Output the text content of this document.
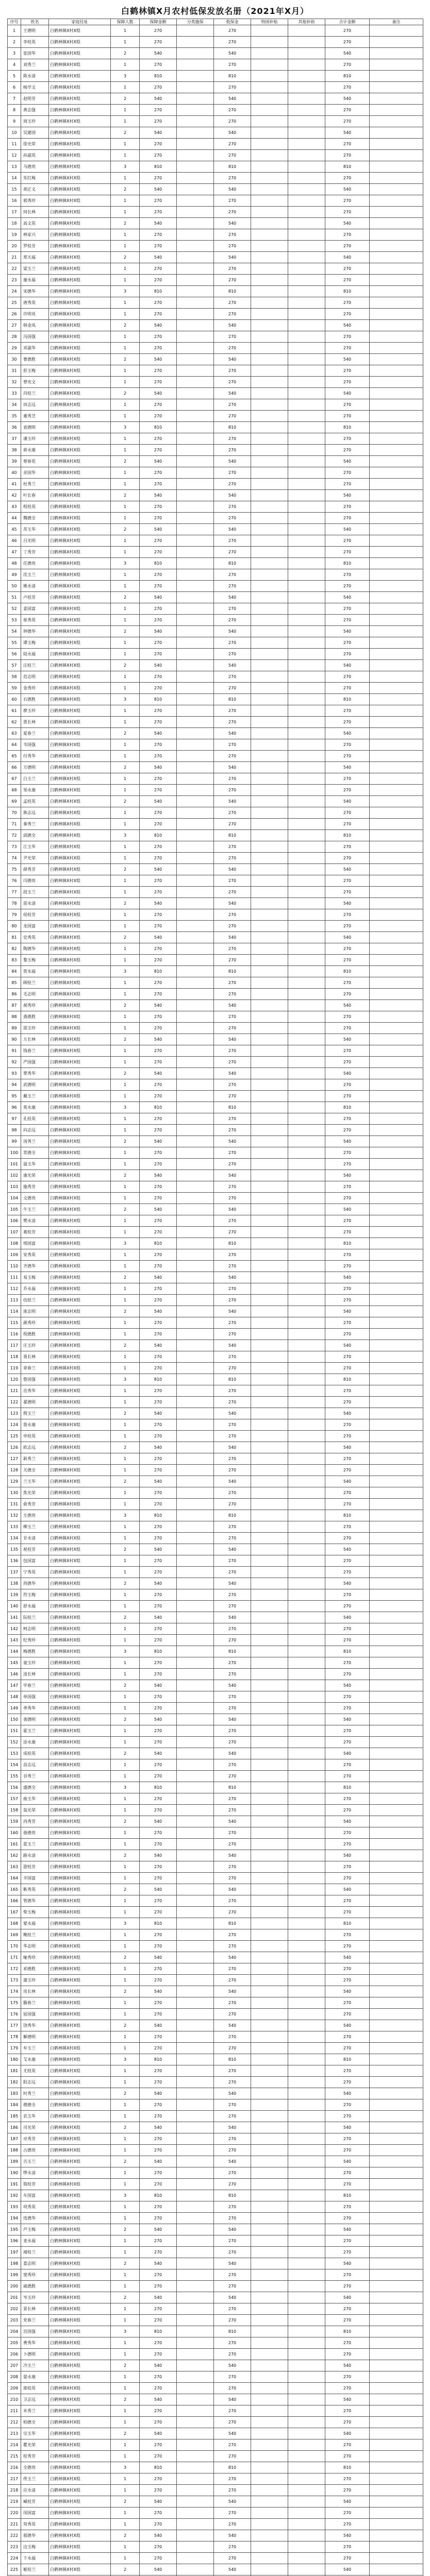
白鹤林镇X月农村低保发放名册（2021年X月）
序号	姓名	家庭住址	保障人数	保障金额	分类施保	低保金	特困补贴	其他补助	合计金额	备注
1	王德明	白鹤林镇X村X组	1	270		270			270	
2	李桂英	白鹤林镇X村X组	1	270		270			270	
3	张国华	白鹤林镇X村X组	2	540		540			540	
4	刘秀兰	白鹤林镇X村X组	1	270		270			270	
5	陈永清	白鹤林镇X村X组	3	810		810			810	
6	杨学文	白鹤林镇X村X组	1	270		270			270	
7	赵明芳	白鹤林镇X村X组	2	540		540			540	
8	黄志强	白鹤林镇X村X组	1	270		270			270	
9	周玉珍	白鹤林镇X村X组	1	270		270			270	
10	吴建国	白鹤林镇X村X组	2	540		540			540	
11	徐光荣	白鹤林镇X村X组	1	270		270			270	
12	孙淑英	白鹤林镇X村X组	1	270		270			270	
13	马德贵	白鹤林镇X村X组	3	810		810			810	
14	朱红梅	白鹤林镇X村X组	1	270		270			270	
15	胡正义	白鹤林镇X村X组	2	540		540			540	
16	郭秀珍	白鹤林镇X村X组	1	270		270			270	
17	何长林	白鹤林镇X村X组	1	270		270			270	
18	高文英	白鹤林镇X村X组	2	540		540			540	
19	林家兴	白鹤林镇X村X组	1	270		270			270	
20	罗桂芳	白鹤林镇X村X组	1	270		270			270	
21	郑天福	白鹤林镇X村X组	2	540		540			540	
22	梁玉兰	白鹤林镇X村X组	1	270		270			270	
23	谢永福	白鹤林镇X村X组	1	270		270			270	
24	宋德华	白鹤林镇X村X组	3	810		810			810	
25	唐秀英	白鹤林镇X村X组	1	270		270			270	
26	许明亮	白鹤林镇X村X组	1	270		270			270	
27	韩金凤	白鹤林镇X村X组	2	540		540			540	
28	冯国强	白鹤林镇X村X组	1	270		270			270	
29	邓淑华	白鹤林镇X村X组	1	270		270			270	
30	曹德胜	白鹤林镇X村X组	2	540		540			540	
31	彭玉梅	白鹤林镇X村X组	1	270		270			270	
32	曾宪文	白鹤林镇X村X组	1	270		270			270	
33	肖桂兰	白鹤林镇X村X组	2	540		540			540	
34	田志远	白鹤林镇X村X组	1	270		270			270	
35	董秀芝	白鹤林镇X村X组	1	270		270			270	
36	袁德明	白鹤林镇X村X组	3	810		810			810	
37	潘玉珍	白鹤林镇X村X组	1	270		270			270	
38	蒋永康	白鹤林镇X村X组	1	270		270			270	
39	蔡春花	白鹤林镇X村X组	2	540		540			540	
40	余国华	白鹤林镇X村X组	1	270		270			270	
41	杜秀兰	白鹤林镇X村X组	1	270		270			270	
42	叶长春	白鹤林镇X村X组	2	540		540			540	
43	程桂英	白鹤林镇X村X组	1	270		270			270	
44	魏德全	白鹤林镇X村X组	1	270		270			270	
45	苏玉华	白鹤林镇X村X组	2	540		540			540	
46	吕光明	白鹤林镇X村X组	1	270		270			270	
47	丁秀芳	白鹤林镇X村X组	1	270		270			270	
48	任德贵	白鹤林镇X村X组	3	810		810			810	
49	沈玉兰	白鹤林镇X村X组	1	270		270			270	
50	姚永清	白鹤林镇X村X组	1	270		270			270	
51	卢桂芳	白鹤林镇X村X组	2	540		540			540	
52	姜国富	白鹤林镇X村X组	1	270		270			270	
53	崔秀英	白鹤林镇X村X组	1	270		270			270	
54	钟德华	白鹤林镇X村X组	2	540		540			540	
55	谭玉梅	白鹤林镇X村X组	1	270		270			270	
56	陆永福	白鹤林镇X村X组	1	270		270			270	
57	汪桂兰	白鹤林镇X村X组	2	540		540			540	
58	范志明	白鹤林镇X村X组	1	270		270			270	
59	金秀珍	白鹤林镇X村X组	1	270		270			270	
60	石德胜	白鹤林镇X村X组	3	810		810			810	
61	廖玉珍	白鹤林镇X村X组	1	270		270			270	
62	贾长林	白鹤林镇X村X组	1	270		270			270	
63	夏春兰	白鹤林镇X村X组	2	540		540			540	
64	韦国强	白鹤林镇X村X组	1	270		270			270	
65	付秀华	白鹤林镇X村X组	1	270		270			270	
66	方德明	白鹤林镇X村X组	2	540		540			540	
67	白玉兰	白鹤林镇X村X组	1	270		270			270	
68	邹永康	白鹤林镇X村X组	1	270		270			270	
69	孟桂英	白鹤林镇X村X组	2	540		540			540	
70	熊志远	白鹤林镇X村X组	1	270		270			270	
71	秦秀兰	白鹤林镇X村X组	1	270		270			270	
72	邱德全	白鹤林镇X村X组	3	810		810			810	
73	江玉华	白鹤林镇X村X组	1	270		270			270	
74	尹光荣	白鹤林镇X村X组	1	270		270			270	
75	薛秀芳	白鹤林镇X村X组	2	540		540			540	
76	闫德贵	白鹤林镇X村X组	1	270		270			270	
77	段玉兰	白鹤林镇X村X组	1	270		270			270	
78	雷永清	白鹤林镇X村X组	2	540		540			540	
79	侯桂芳	白鹤林镇X村X组	1	270		270			270	
80	龙国富	白鹤林镇X村X组	1	270		270			270	
81	史秀英	白鹤林镇X村X组	2	540		540			540	
82	陶德华	白鹤林镇X村X组	1	270		270			270	
83	黎玉梅	白鹤林镇X村X组	1	270		270			270	
84	贺永福	白鹤林镇X村X组	3	810		810			810	
85	顾桂兰	白鹤林镇X村X组	1	270		270			270	
86	毛志明	白鹤林镇X村X组	1	270		270			270	
87	郝秀珍	白鹤林镇X村X组	2	540		540			540	
88	龚德胜	白鹤林镇X村X组	1	270		270			270	
89	邵玉珍	白鹤林镇X村X组	1	270		270			270	
90	万长林	白鹤林镇X村X组	2	540		540			540	
91	钱春兰	白鹤林镇X村X组	1	270		270			270	
92	严国强	白鹤林镇X村X组	1	270		270			270	
93	覃秀华	白鹤林镇X村X组	2	540		540			540	
94	武德明	白鹤林镇X村X组	1	270		270			270	
95	戴玉兰	白鹤林镇X村X组	1	270		270			270	
96	莫永康	白鹤林镇X村X组	3	810		810			810	
97	孔桂英	白鹤林镇X村X组	1	270		270			270	
98	向志远	白鹤林镇X村X组	1	270		270			270	
99	汤秀兰	白鹤林镇X村X组	2	540		540			540	
100	常德全	白鹤林镇X村X组	1	270		270			270	
101	温玉华	白鹤林镇X村X组	1	270		270			270	
102	康光荣	白鹤林镇X村X组	2	540		540			540	
103	施秀芳	白鹤林镇X村X组	1	270		270			270	
104	文德贵	白鹤林镇X村X组	1	270		270			270	
105	牛玉兰	白鹤林镇X村X组	2	540		540			540	
106	樊永清	白鹤林镇X村X组	1	270		270			270	
107	葛桂芳	白鹤林镇X村X组	1	270		270			270	
108	邢国富	白鹤林镇X村X组	3	810		810			810	
109	安秀英	白鹤林镇X村X组	1	270		270			270	
110	齐德华	白鹤林镇X村X组	1	270		270			270	
111	易玉梅	白鹤林镇X村X组	2	540		540			540	
112	乔永福	白鹤林镇X村X组	1	270		270			270	
113	伍桂兰	白鹤林镇X村X组	1	270		270			270	
114	庞志明	白鹤林镇X村X组	2	540		540			540	
115	颜秀珍	白鹤林镇X村X组	1	270		270			270	
116	倪德胜	白鹤林镇X村X组	1	270		270			270	
117	庄玉珍	白鹤林镇X村X组	2	540		540			540	
118	聂长林	白鹤林镇X村X组	1	270		270			270	
119	章春兰	白鹤林镇X村X组	1	270		270			270	
120	鲁国强	白鹤林镇X村X组	3	810		810			810	
121	岳秀华	白鹤林镇X村X组	1	270		270			270	
122	翟德明	白鹤林镇X村X组	1	270		270			270	
123	殷玉兰	白鹤林镇X村X组	2	540		540			540	
124	詹永康	白鹤林镇X村X组	1	270		270			270	
125	申桂英	白鹤林镇X村X组	1	270		270			270	
126	欧志远	白鹤林镇X村X组	2	540		540			540	
127	耿秀兰	白鹤林镇X村X组	1	270		270			270	
128	关德全	白鹤林镇X村X组	1	270		270			270	
129	兰玉华	白鹤林镇X村X组	2	540		540			540	
130	焦光荣	白鹤林镇X村X组	1	270		270			270	
131	俞秀芳	白鹤林镇X村X组	1	270		270			270	
132	左德贵	白鹤林镇X村X组	3	810		810			810	
133	柳玉兰	白鹤林镇X村X组	1	270		270			270	
134	甘永清	白鹤林镇X村X组	1	270		270			270	
135	祝桂芳	白鹤林镇X村X组	2	540		540			540	
136	包国富	白鹤林镇X村X组	1	270		270			270	
137	宁秀英	白鹤林镇X村X组	1	270		270			270	
138	尚德华	白鹤林镇X村X组	2	540		540			540	
139	符玉梅	白鹤林镇X村X组	1	270		270			270	
140	舒永福	白鹤林镇X村X组	1	270		270			270	
141	阮桂兰	白鹤林镇X村X组	2	540		540			540	
142	柯志明	白鹤林镇X村X组	1	270		270			270	
143	纪秀珍	白鹤林镇X村X组	1	270		270			270	
144	梅德胜	白鹤林镇X村X组	3	810		810			810	
145	童玉珍	白鹤林镇X村X组	1	270		270			270	
146	凌长林	白鹤林镇X村X组	1	270		270			270	
147	毕春兰	白鹤林镇X村X组	2	540		540			540	
148	单国强	白鹤林镇X村X组	1	270		270			270	
149	季秀华	白鹤林镇X村X组	1	270		270			270	
150	裴德明	白鹤林镇X村X组	2	540		540			540	
151	霍玉兰	白鹤林镇X村X组	1	270		270			270	
152	涂永康	白鹤林镇X村X组	1	270		270			270	
153	成桂英	白鹤林镇X村X组	2	540		540			540	
154	苗志远	白鹤林镇X村X组	1	270		270			270	
155	谷秀兰	白鹤林镇X村X组	1	270		270			270	
156	盛德全	白鹤林镇X村X组	3	810		810			810	
157	曲玉华	白鹤林镇X村X组	1	270		270			270	
158	翁光荣	白鹤林镇X村X组	1	270		270			270	
159	冉秀芳	白鹤林镇X村X组	2	540		540			540	
160	骆德贵	白鹤林镇X村X组	1	270		270			270	
161	蓝玉兰	白鹤林镇X村X组	1	270		270			270	
162	路永清	白鹤林镇X村X组	2	540		540			540	
163	游桂芳	白鹤林镇X村X组	1	270		270			270	
164	辛国富	白鹤林镇X村X组	1	270		270			270	
165	靳秀英	白鹤林镇X村X组	2	540		540			540	
166	管德华	白鹤林镇X村X组	1	270		270			270	
167	柴玉梅	白鹤林镇X村X组	1	270		270			270	
168	蒙永福	白鹤林镇X村X组	3	810		810			810	
169	鲍桂兰	白鹤林镇X村X组	1	270		270			270	
170	华志明	白鹤林镇X村X组	1	270		270			270	
171	喻秀珍	白鹤林镇X村X组	2	540		540			540	
172	祁德胜	白鹤林镇X村X组	1	270		270			270	
173	蒲玉珍	白鹤林镇X村X组	1	270		270			270	
174	房长林	白鹤林镇X村X组	2	540		540			540	
175	滕春兰	白鹤林镇X村X组	1	270		270			270	
176	屈国强	白鹤林镇X村X组	1	270		270			270	
177	饶秀华	白鹤林镇X村X组	2	540		540			540	
178	解德明	白鹤林镇X村X组	1	270		270			270	
179	牟玉兰	白鹤林镇X村X组	1	270		270			270	
180	艾永康	白鹤林镇X村X组	3	810		810			810	
181	尤桂英	白鹤林镇X村X组	1	270		270			270	
182	阳志远	白鹤林镇X村X组	1	270		270			270	
183	时秀兰	白鹤林镇X村X组	2	540		540			540	
184	穆德全	白鹤林镇X村X组	1	270		270			270	
185	农玉华	白鹤林镇X村X组	1	270		270			270	
186	司光荣	白鹤林镇X村X组	2	540		540			540	
187	卓秀芳	白鹤林镇X村X组	1	270		270			270	
188	古德贵	白鹤林镇X村X组	1	270		270			270	
189	吉玉兰	白鹤林镇X村X组	2	540		540			540	
190	缪永清	白鹤林镇X村X组	1	270		270			270	
191	简桂芳	白鹤林镇X村X组	1	270		270			270	
192	车国富	白鹤林镇X村X组	3	810		810			810	
193	项秀英	白鹤林镇X村X组	1	270		270			270	
194	连德华	白鹤林镇X村X组	1	270		270			270	
195	芦玉梅	白鹤林镇X村X组	2	540		540			540	
196	麦永福	白鹤林镇X村X组	1	270		270			270	
197	褚桂兰	白鹤林镇X村X组	1	270		270			270	
198	娄志明	白鹤林镇X村X组	2	540		540			540	
199	窦秀珍	白鹤林镇X村X组	1	270		270			270	
200	戚德胜	白鹤林镇X村X组	1	270		270			270	
201	岑玉珍	白鹤林镇X村X组	2	540		540			540	
202	景长林	白鹤林镇X村X组	1	270		270			270	
203	党春兰	白鹤林镇X村X组	1	270		270			270	
204	宫国强	白鹤林镇X村X组	3	810		810			810	
205	费秀华	白鹤林镇X村X组	1	270		270			270	
206	卜德明	白鹤林镇X村X组	1	270		270			270	
207	冷玉兰	白鹤林镇X村X组	2	540		540			540	
208	晏永康	白鹤林镇X村X组	1	270		270			270	
209	席桂英	白鹤林镇X村X组	1	270		270			270	
210	卫志远	白鹤林镇X村X组	2	540		540			540	
211	米秀兰	白鹤林镇X村X组	1	270		270			270	
212	柏德全	白鹤林镇X村X组	1	270		270			270	
213	宗玉华	白鹤林镇X村X组	2	540		540			540	
214	瞿光荣	白鹤林镇X村X组	1	270		270			270	
215	桂秀芳	白鹤林镇X村X组	1	270		270			270	
216	全德贵	白鹤林镇X村X组	3	810		810			810	
217	佟玉兰	白鹤林镇X村X组	1	270		270			270	
218	应永清	白鹤林镇X村X组	1	270		270			270	
219	臧桂芳	白鹤林镇X村X组	2	540		540			540	
220	闵国富	白鹤林镇X村X组	1	270		270			270	
221	苟秀英	白鹤林镇X村X组	1	270		270			270	
222	邬德华	白鹤林镇X村X组	2	540		540			540	
223	边玉梅	白鹤林镇X村X组	1	270		270			270	
224	卞永福	白鹤林镇X村X组	1	270		270			270	
225	姬桂兰	白鹤林镇X村X组	2	540		540			540	
